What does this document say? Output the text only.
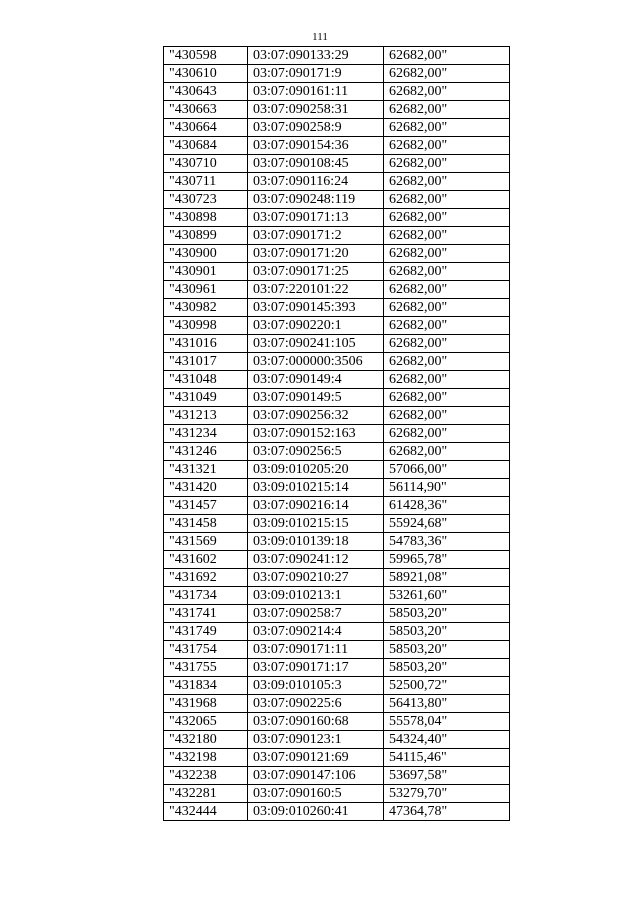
111
"430598	03:07:090133:29	62682,00"
"430610	03:07:090171:9	62682,00"
"430643	03:07:090161:11	62682,00"
"430663	03:07:090258:31	62682,00"
"430664	03:07:090258:9	62682,00"
"430684	03:07:090154:36	62682,00"
"430710	03:07:090108:45	62682,00"
"430711	03:07:090116:24	62682,00"
"430723	03:07:090248:119	62682,00"
"430898	03:07:090171:13	62682,00"
"430899	03:07:090171:2	62682,00"
"430900	03:07:090171:20	62682,00"
"430901	03:07:090171:25	62682,00"
"430961	03:07:220101:22	62682,00"
"430982	03:07:090145:393	62682,00"
"430998	03:07:090220:1	62682,00"
"431016	03:07:090241:105	62682,00"
"431017	03:07:000000:3506	62682,00"
"431048	03:07:090149:4	62682,00"
"431049	03:07:090149:5	62682,00"
"431213	03:07:090256:32	62682,00"
"431234	03:07:090152:163	62682,00"
"431246	03:07:090256:5	62682,00"
"431321	03:09:010205:20	57066,00"
"431420	03:09:010215:14	56114,90"
"431457	03:07:090216:14	61428,36"
"431458	03:09:010215:15	55924,68"
"431569	03:09:010139:18	54783,36"
"431602	03:07:090241:12	59965,78"
"431692	03:07:090210:27	58921,08"
"431734	03:09:010213:1	53261,60"
"431741	03:07:090258:7	58503,20"
"431749	03:07:090214:4	58503,20"
"431754	03:07:090171:11	58503,20"
"431755	03:07:090171:17	58503,20"
"431834	03:09:010105:3	52500,72"
"431968	03:07:090225:6	56413,80"
"432065	03:07:090160:68	55578,04"
"432180	03:07:090123:1	54324,40"
"432198	03:07:090121:69	54115,46"
"432238	03:07:090147:106	53697,58"
"432281	03:07:090160:5	53279,70"
"432444	03:09:010260:41	47364,78"
